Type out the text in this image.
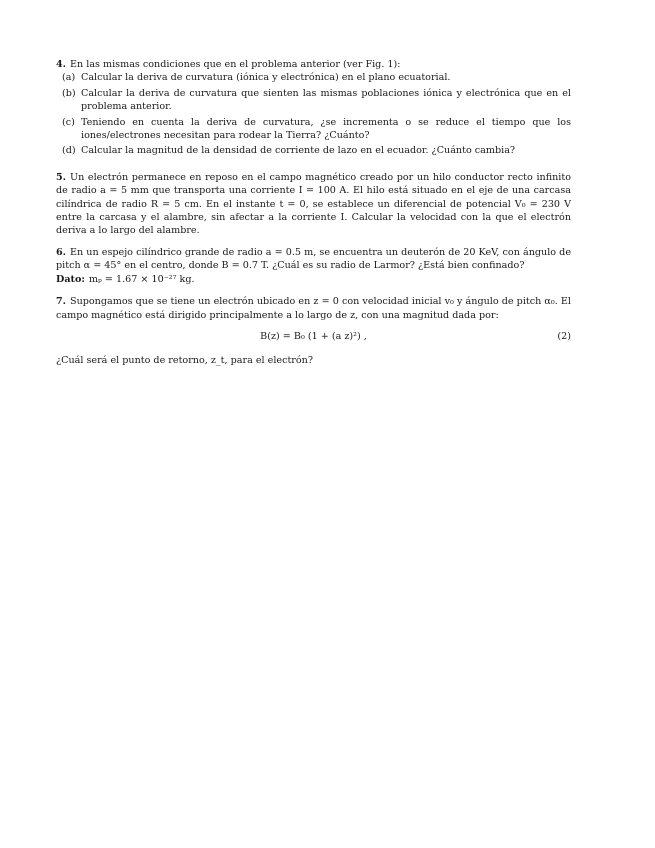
4. En las mismas condiciones que en el problema anterior (ver Fig. 1):
(a) Calcular la deriva de curvatura (iónica y electrónica) en el plano ecuatorial.
(b) Calcular la deriva de curvatura que sienten las mismas poblaciones iónica y electrónica que en el problema anterior.
(c) Teniendo en cuenta la deriva de curvatura, ¿se incrementa o se reduce el tiempo que los iones/electrones necesitan para rodear la Tierra? ¿Cuánto?
(d) Calcular la magnitud de la densidad de corriente de lazo en el ecuador. ¿Cuánto cambia?
5. Un electrón permanece en reposo en el campo magnético creado por un hilo conductor recto infinito de radio a = 5 mm que transporta una corriente I = 100 A. El hilo está situado en el eje de una carcasa cilíndrica de radio R = 5 cm. En el instante t = 0, se establece un diferencial de potencial V₀ = 230 V entre la carcasa y el alambre, sin afectar a la corriente I. Calcular la velocidad con la que el electrón deriva a lo largo del alambre.
6. En un espejo cilíndrico grande de radio a = 0.5 m, se encuentra un deuterón de 20 KeV, con ángulo de pitch α = 45° en el centro, donde B = 0.7 T. ¿Cuál es su radio de Larmor? ¿Está bien confinado?
Dato: mₚ = 1.67 × 10⁻²⁷ kg.
7. Supongamos que se tiene un electrón ubicado en z = 0 con velocidad inicial v₀ y ángulo de pitch α₀. El campo magnético está dirigido principalmente a lo largo de z, con una magnitud dada por:
B(z) = B₀ (1 + (a z)²) ,	(2)
¿Cuál será el punto de retorno, z_t, para el electrón?
